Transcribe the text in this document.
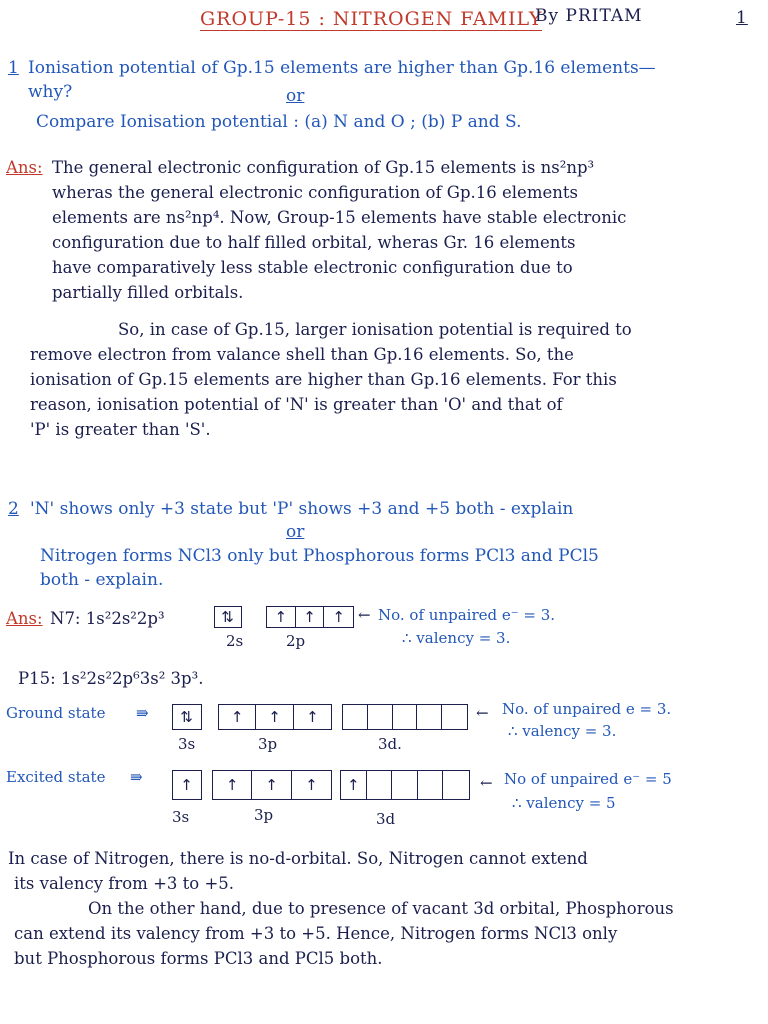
GROUP-15 : NITROGEN FAMILY
By PRITAM	1
1 Ionisation potential of Gp.15 elements are higher than Gp.16 elements—
why?	or
Compare Ionisation potential : (a) N and O ; (b) P and S.
Ans: The general electronic configuration of Gp.15 elements is ns²np³
wheras the general electronic configuration of Gp.16 elements
elements are ns²np⁴. Now, Group-15 elements have stable electronic
configuration due to half filled orbital, wheras Gr. 16 elements
have comparatively less stable electronic configuration due to
partially filled orbitals.
So, in case of Gp.15, larger ionisation potential is required to
remove electron from valance shell than Gp.16 elements. So, the
ionisation of Gp.15 elements are higher than Gp.16 elements. For this
reason, ionisation potential of 'N' is greater than 'O' and that of
'P' is greater than 'S'.
2 'N' shows only +3 state but 'P' shows +3 and +5 both - explain
or
Nitrogen forms NCl3 only but Phosphorous forms PCl3 and PCl5
both - explain.
Ans: N7: 1s²2s²2p³	⇅	↑	↑	↑
2s	2p
← No. of unpaired e⁻ = 3.
∴ valency = 3.
P15: 1s²2s²2p⁶3s² 3p³.
Ground state ⇛	⇅	↑	↑	↑
3s	3p	3d.
← No. of unpaired e = 3.
∴ valency = 3.
Excited state ⇛	↑	↑	↑	↑	↑
3s	3p	3d
← No of unpaired e⁻ = 5
∴ valency = 5
In case of Nitrogen, there is no-d-orbital. So, Nitrogen cannot extend
its valency from +3 to +5.
On the other hand, due to presence of vacant 3d orbital, Phosphorous
can extend its valency from +3 to +5. Hence, Nitrogen forms NCl3 only
but Phosphorous forms PCl3 and PCl5 both.
